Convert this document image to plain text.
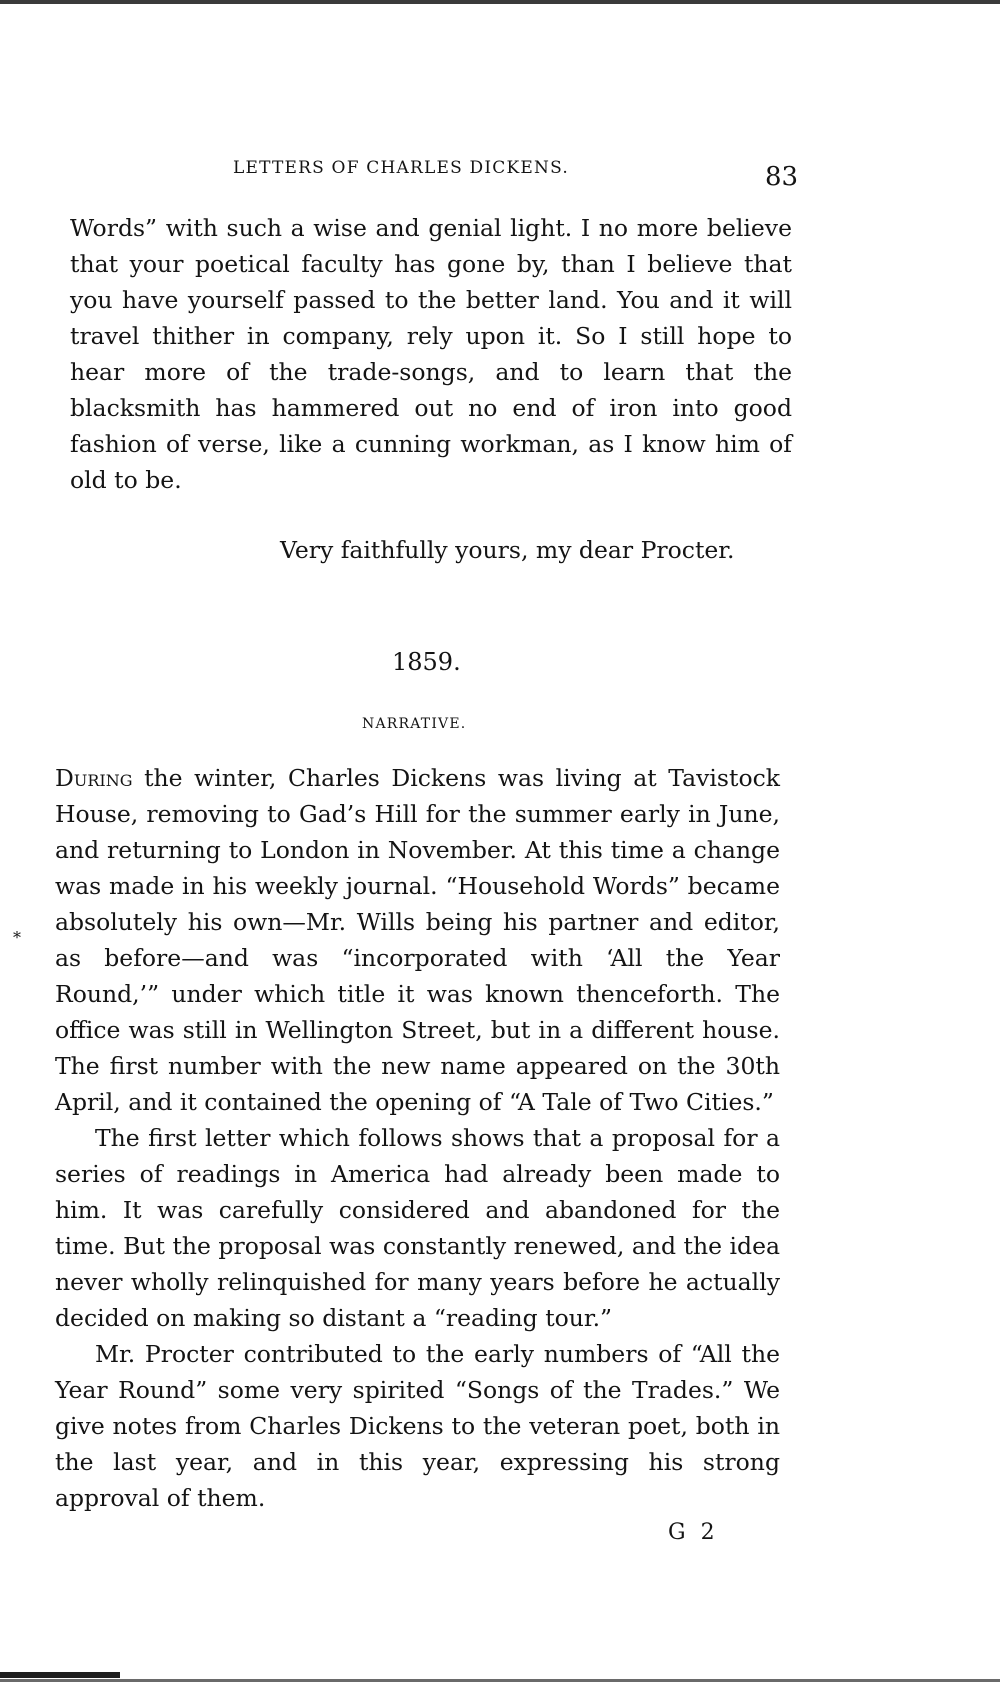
LETTERS OF CHARLES DICKENS.	83

Words” with such a wise and genial light. I no more believe that your poetical faculty has gone by, than I believe that you have yourself passed to the better land. You and it will travel thither in company, rely upon it. So I still hope to hear more of the trade-songs, and to learn that the blacksmith has hammered out no end of iron into good fashion of verse, like a cunning workman, as I know him of old to be.

Very faithfully yours, my dear Procter.
1859.
NARRATIVE.
*

During the winter, Charles Dickens was living at Tavistock House, removing to Gad’s Hill for the summer early in June, and returning to London in November. At this time a change was made in his weekly journal. “Household Words” became absolutely his own—Mr. Wills being his partner and editor, as before—and was “incorporated with ‘All the Year Round,’” under which title it was known thenceforth. The office was still in Wellington Street, but in a different house. The first number with the new name appeared on the 30th April, and it contained the opening of “A Tale of Two Cities.”

The first letter which follows shows that a proposal for a series of readings in America had already been made to him. It was carefully considered and abandoned for the time. But the proposal was constantly renewed, and the idea never wholly relinquished for many years before he actually decided on making so distant a “reading tour.”

Mr. Procter contributed to the early numbers of “All the Year Round” some very spirited “Songs of the Trades.” We give notes from Charles Dickens to the veteran poet, both in the last year, and in this year, expressing his strong approval of them.

G 2
